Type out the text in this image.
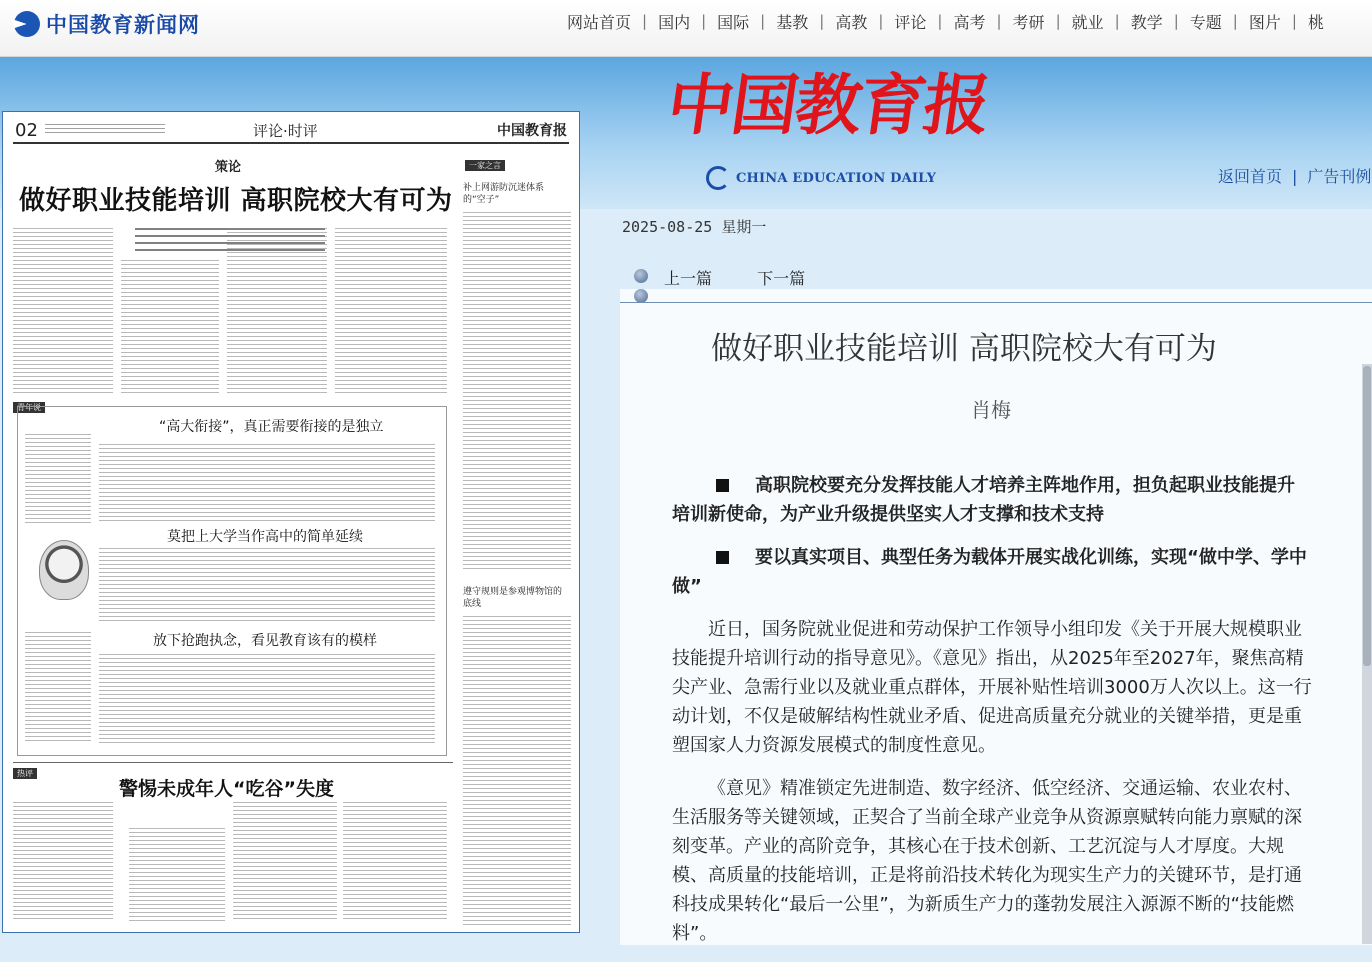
中国教育新闻网	网站首页 | 国内 | 国际 | 基教 | 高教 | 评论 | 高考 | 考研 | 就业 | 教学 | 专题 | 图片 | 桃
中国教育报
CHINA EDUCATION DAILY	返回首页 | 广告刊例
02	评论·时评	中国教育报
策论
做好职业技能培训 高职院校大有可为
一家之言
补上网游防沉迷体系的“空子”
遵守规则是参观博物馆的底线
青年说
“高大衔接”，真正需要衔接的是独立
莫把上大学当作高中的简单延续
放下抢跑执念，看见教育该有的模样
热评
警惕未成年人“吃谷”失度
2025-08-25 星期一
上一篇	下一篇
做好职业技能培训 高职院校大有可为
肖梅

高职院校要充分发挥技能人才培养主阵地作用，担负起职业技能提升培训新使命，为产业升级提供坚实人才支撑和技术支持

要以真实项目、典型任务为载体开展实战化训练，实现“做中学、学中做”

近日，国务院就业促进和劳动保护工作领导小组印发《关于开展大规模职业技能提升培训行动的指导意见》。《意见》指出，从2025年至2027年，聚焦高精尖产业、急需行业以及就业重点群体，开展补贴性培训3000万人次以上。这一行动计划，不仅是破解结构性就业矛盾、促进高质量充分就业的关键举措，更是重塑国家人力资源发展模式的制度性意见。

《意见》精准锁定先进制造、数字经济、低空经济、交通运输、农业农村、生活服务等关键领域，正契合了当前全球产业竞争从资源禀赋转向能力禀赋的深刻变革。产业的高阶竞争，其核心在于技术创新、工艺沉淀与人才厚度。大规模、高质量的技能培训，正是将前沿技术转化为现实生产力的关键环节，是打通科技成果转化“最后一公里”，为新质生产力的蓬勃发展注入源源不断的“技能燃料”。
